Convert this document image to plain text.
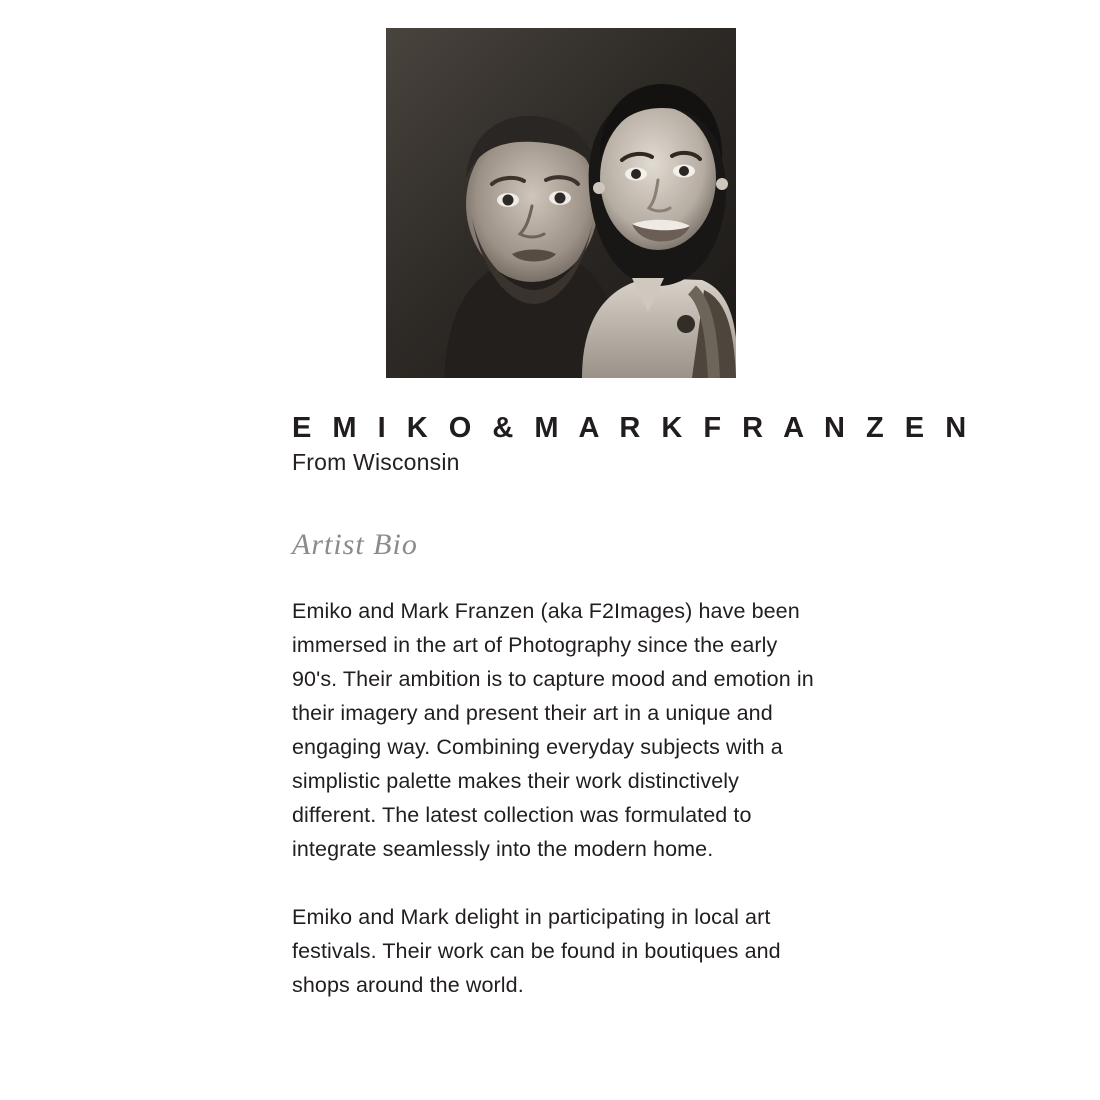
E M I K O & M A R K F R A N Z E N
From Wisconsin
Artist Bio

Emiko and Mark Franzen (aka F2Images) have been immersed in the art of Photography since the early 90's. Their ambition is to capture mood and emotion in their imagery and present their art in a unique and engaging way. Combining everyday subjects with a simplistic palette makes their work distinctively different. The latest collection was formulated to integrate seamlessly into the modern home.

Emiko and Mark delight in participating in local art festivals. Their work can be found in boutiques and shops around the world.
